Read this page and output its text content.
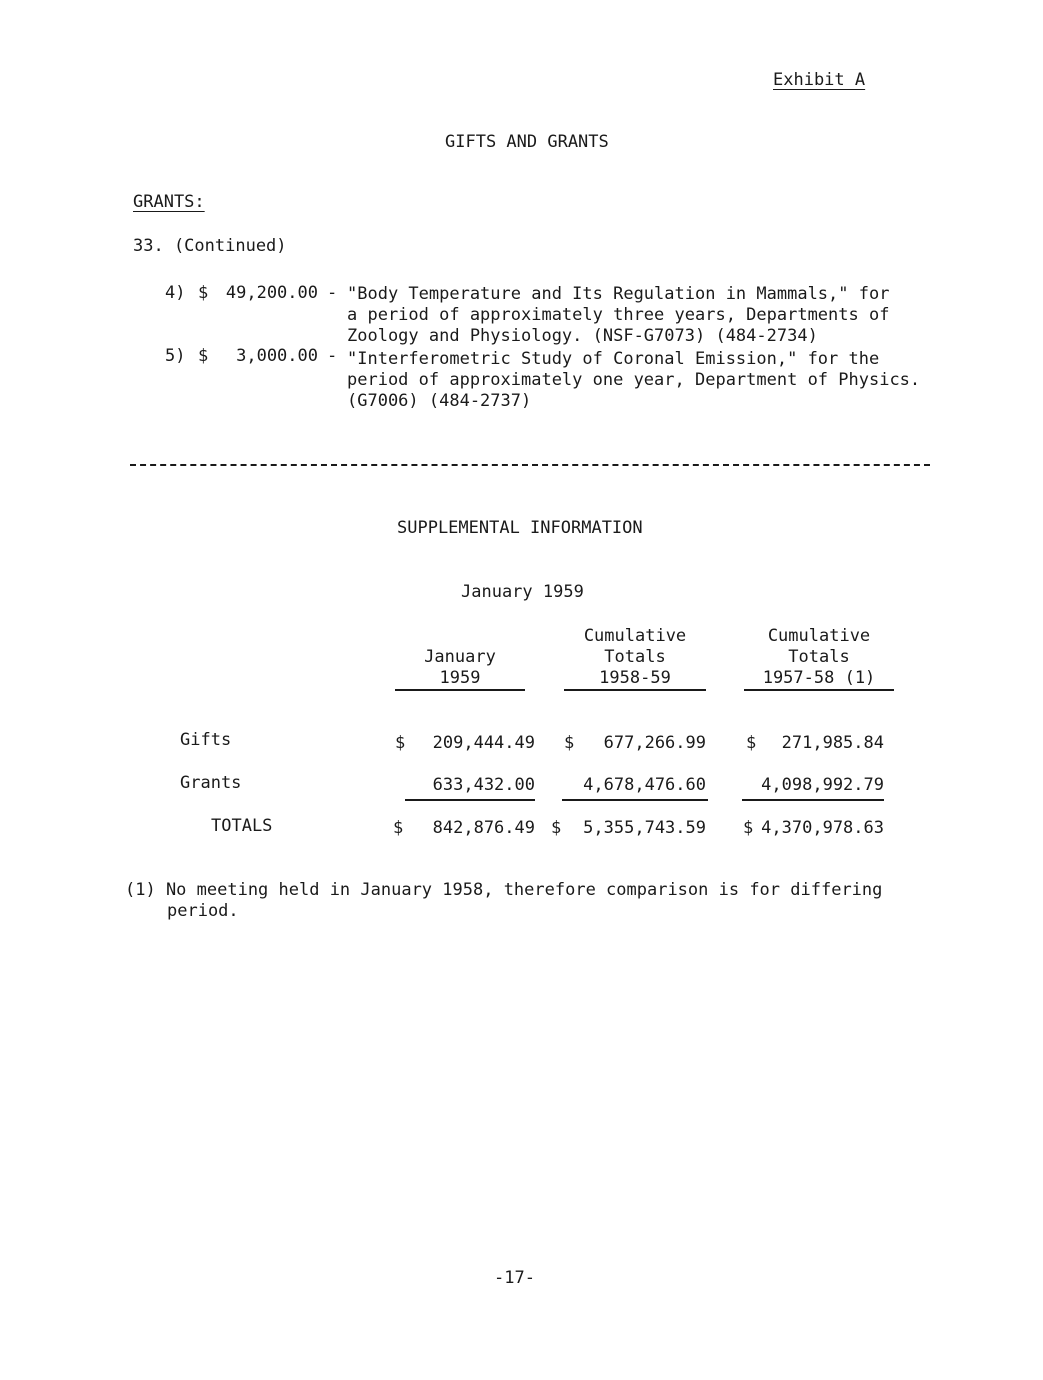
Exhibit A
GIFTS AND GRANTS
GRANTS:
33. (Continued)
4) $	49,200.00 - "Body Temperature and Its Regulation in Mammals," for
a period of approximately three years, Departments of
Zoology and Physiology. (NSF-G7073) (484-2734)
5) $	3,000.00 - "Interferometric Study of Coronal Emission," for the
period of approximately one year, Department of Physics.
(G7006) (484-2737)
SUPPLEMENTAL INFORMATION
January 1959

January
1959
Cumulative
Totals
1958-59
Cumulative
Totals
1957-58 (1)
Gifts	$	209,444.49 $	677,266.99 $	271,985.84
Grants	633,432.00	4,678,476.60	4,098,992.79
TOTALS	$	842,876.49 $	5,355,743.59 $ 4,370,978.63
(1) No meeting held in January 1958, therefore comparison is for differing
period.
-17-
